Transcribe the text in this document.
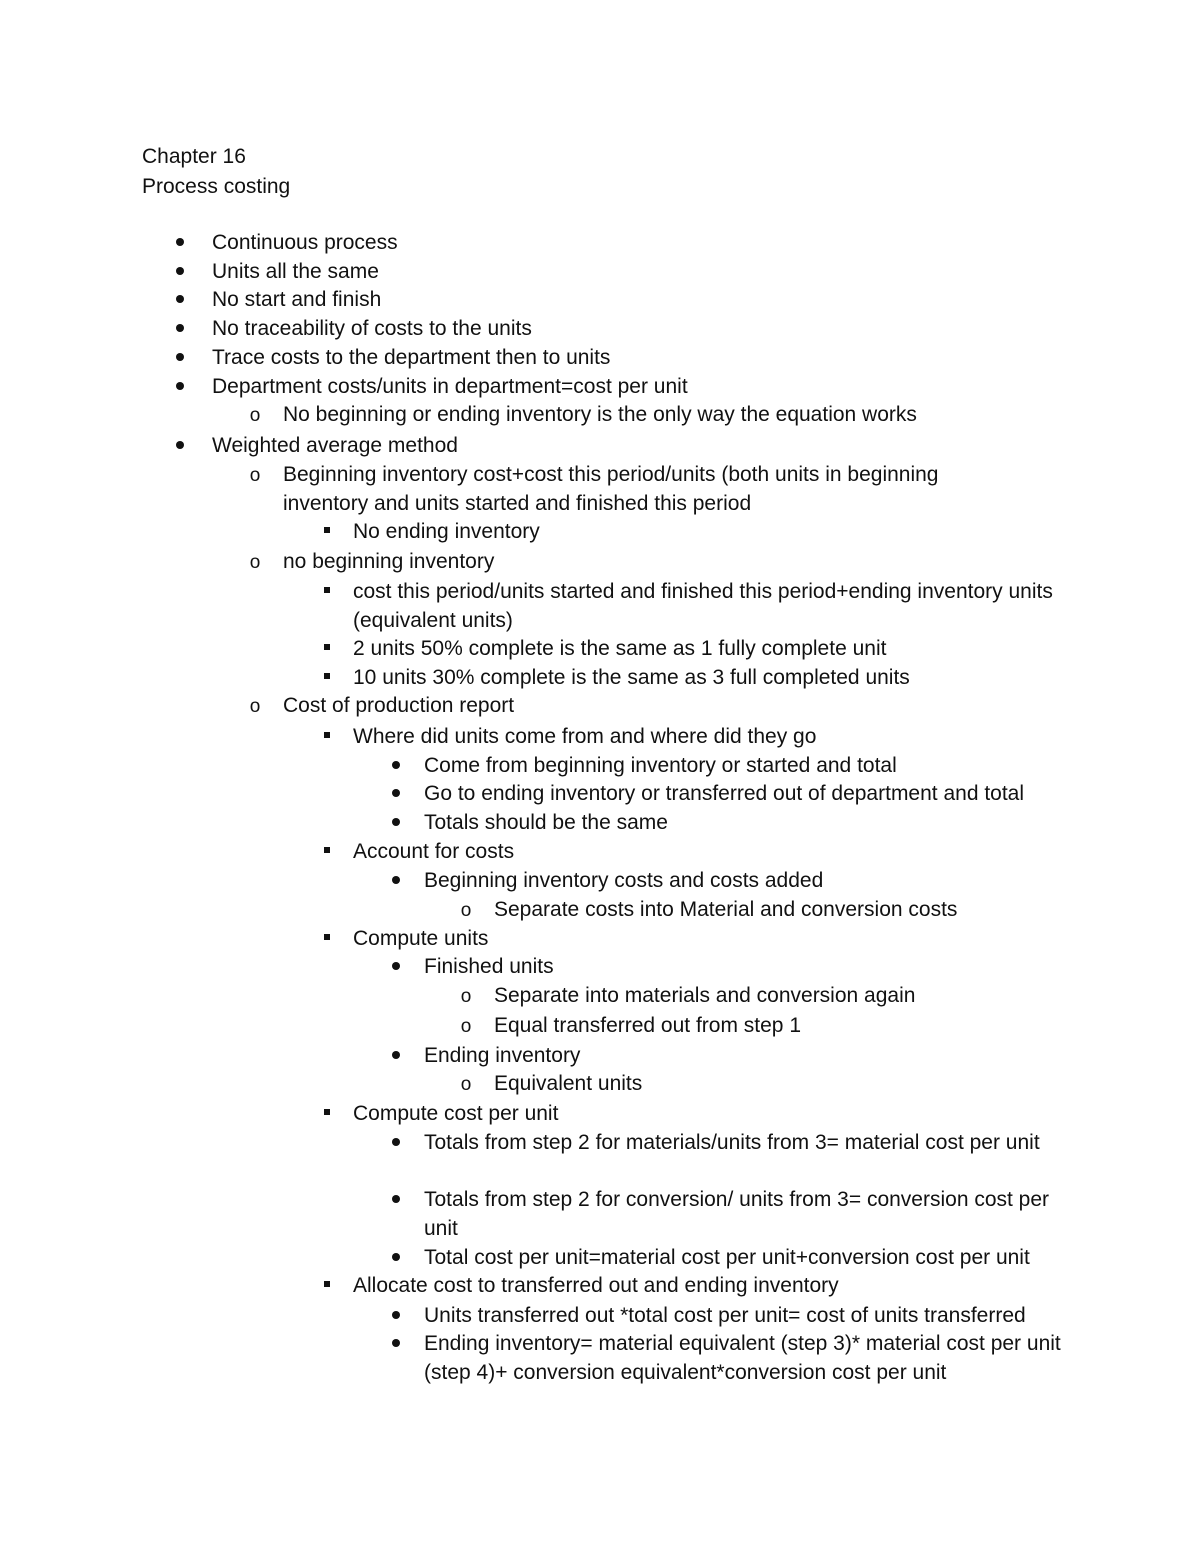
Chapter 16
Process costing
Continuous process
Units all the same
No start and finish
No traceability of costs to the units
Trace costs to the department then to units
Department costs/units in department=cost per unit
o No beginning or ending inventory is the only way the equation works
Weighted average method
o Beginning inventory cost+cost this period/units (both units in beginning inventory and units started and finished this period
No ending inventory
o no beginning inventory
cost this period/units started and finished this period+ending inventory units (equivalent units)
2 units 50% complete is the same as 1 fully complete unit
10 units 30% complete is the same as 3 full completed units
o Cost of production report
Where did units come from and where did they go
Come from beginning inventory or started and total
Go to ending inventory or transferred out of department and total
Totals should be the same
Account for costs
Beginning inventory costs and costs added
o Separate costs into Material and conversion costs
Compute units
Finished units
o Separate into materials and conversion again
o Equal transferred out from step 1
Ending inventory
o Equivalent units
Compute cost per unit
Totals from step 2 for materials/units from 3= material cost per unit
Totals from step 2 for conversion/ units from 3= conversion cost per unit
Total cost per unit=material cost per unit+conversion cost per unit
Allocate cost to transferred out and ending inventory
Units transferred out *total cost per unit= cost of units transferred
Ending inventory= material equivalent (step 3)* material cost per unit (step 4)+ conversion equivalent*conversion cost per unit
